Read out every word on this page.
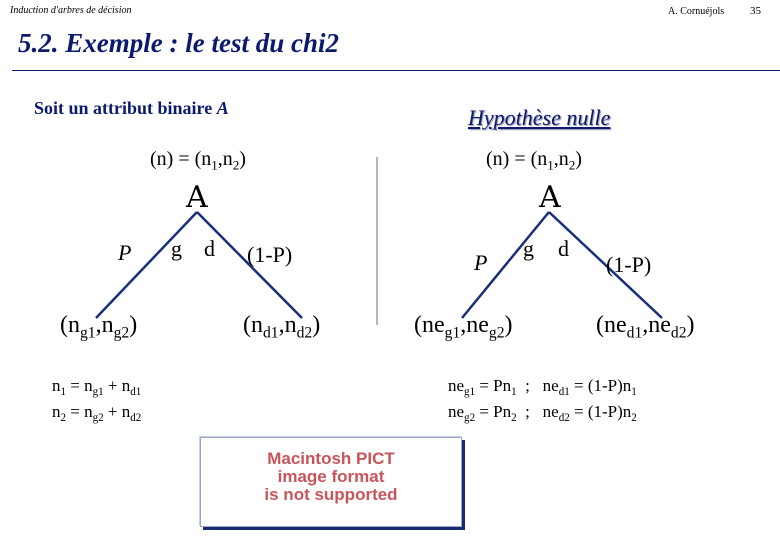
Induction d'arbres de décision	A. Cornuéjols 35
5.2. Exemple : le test du chi2
Soit un attribut binaire A
$(n) = (n_1,n_2)$
A
P g d (1-P)
$(n_{g1},n_{g2})$	$(n_{d1},n_{d2})$
$n_1 = n_{g1} + n_{d1}$
$n_2 = n_{g2} + n_{d2}$
Hypothèse nulle
$(n) = (n_1,n_2)$
A
P
g d
(1-P)
$(ne_{g1},ne_{g2})$	$(ne_{d1},ne_{d2})$
$ne_{g1} = Pn_1$  ;   $ne_{d1} = (1-P)n_1$
$ne_{g2} = Pn_2$  ;   $ne_{d2} = (1-P)n_2$
Macintosh PICT
image format
is not supported
